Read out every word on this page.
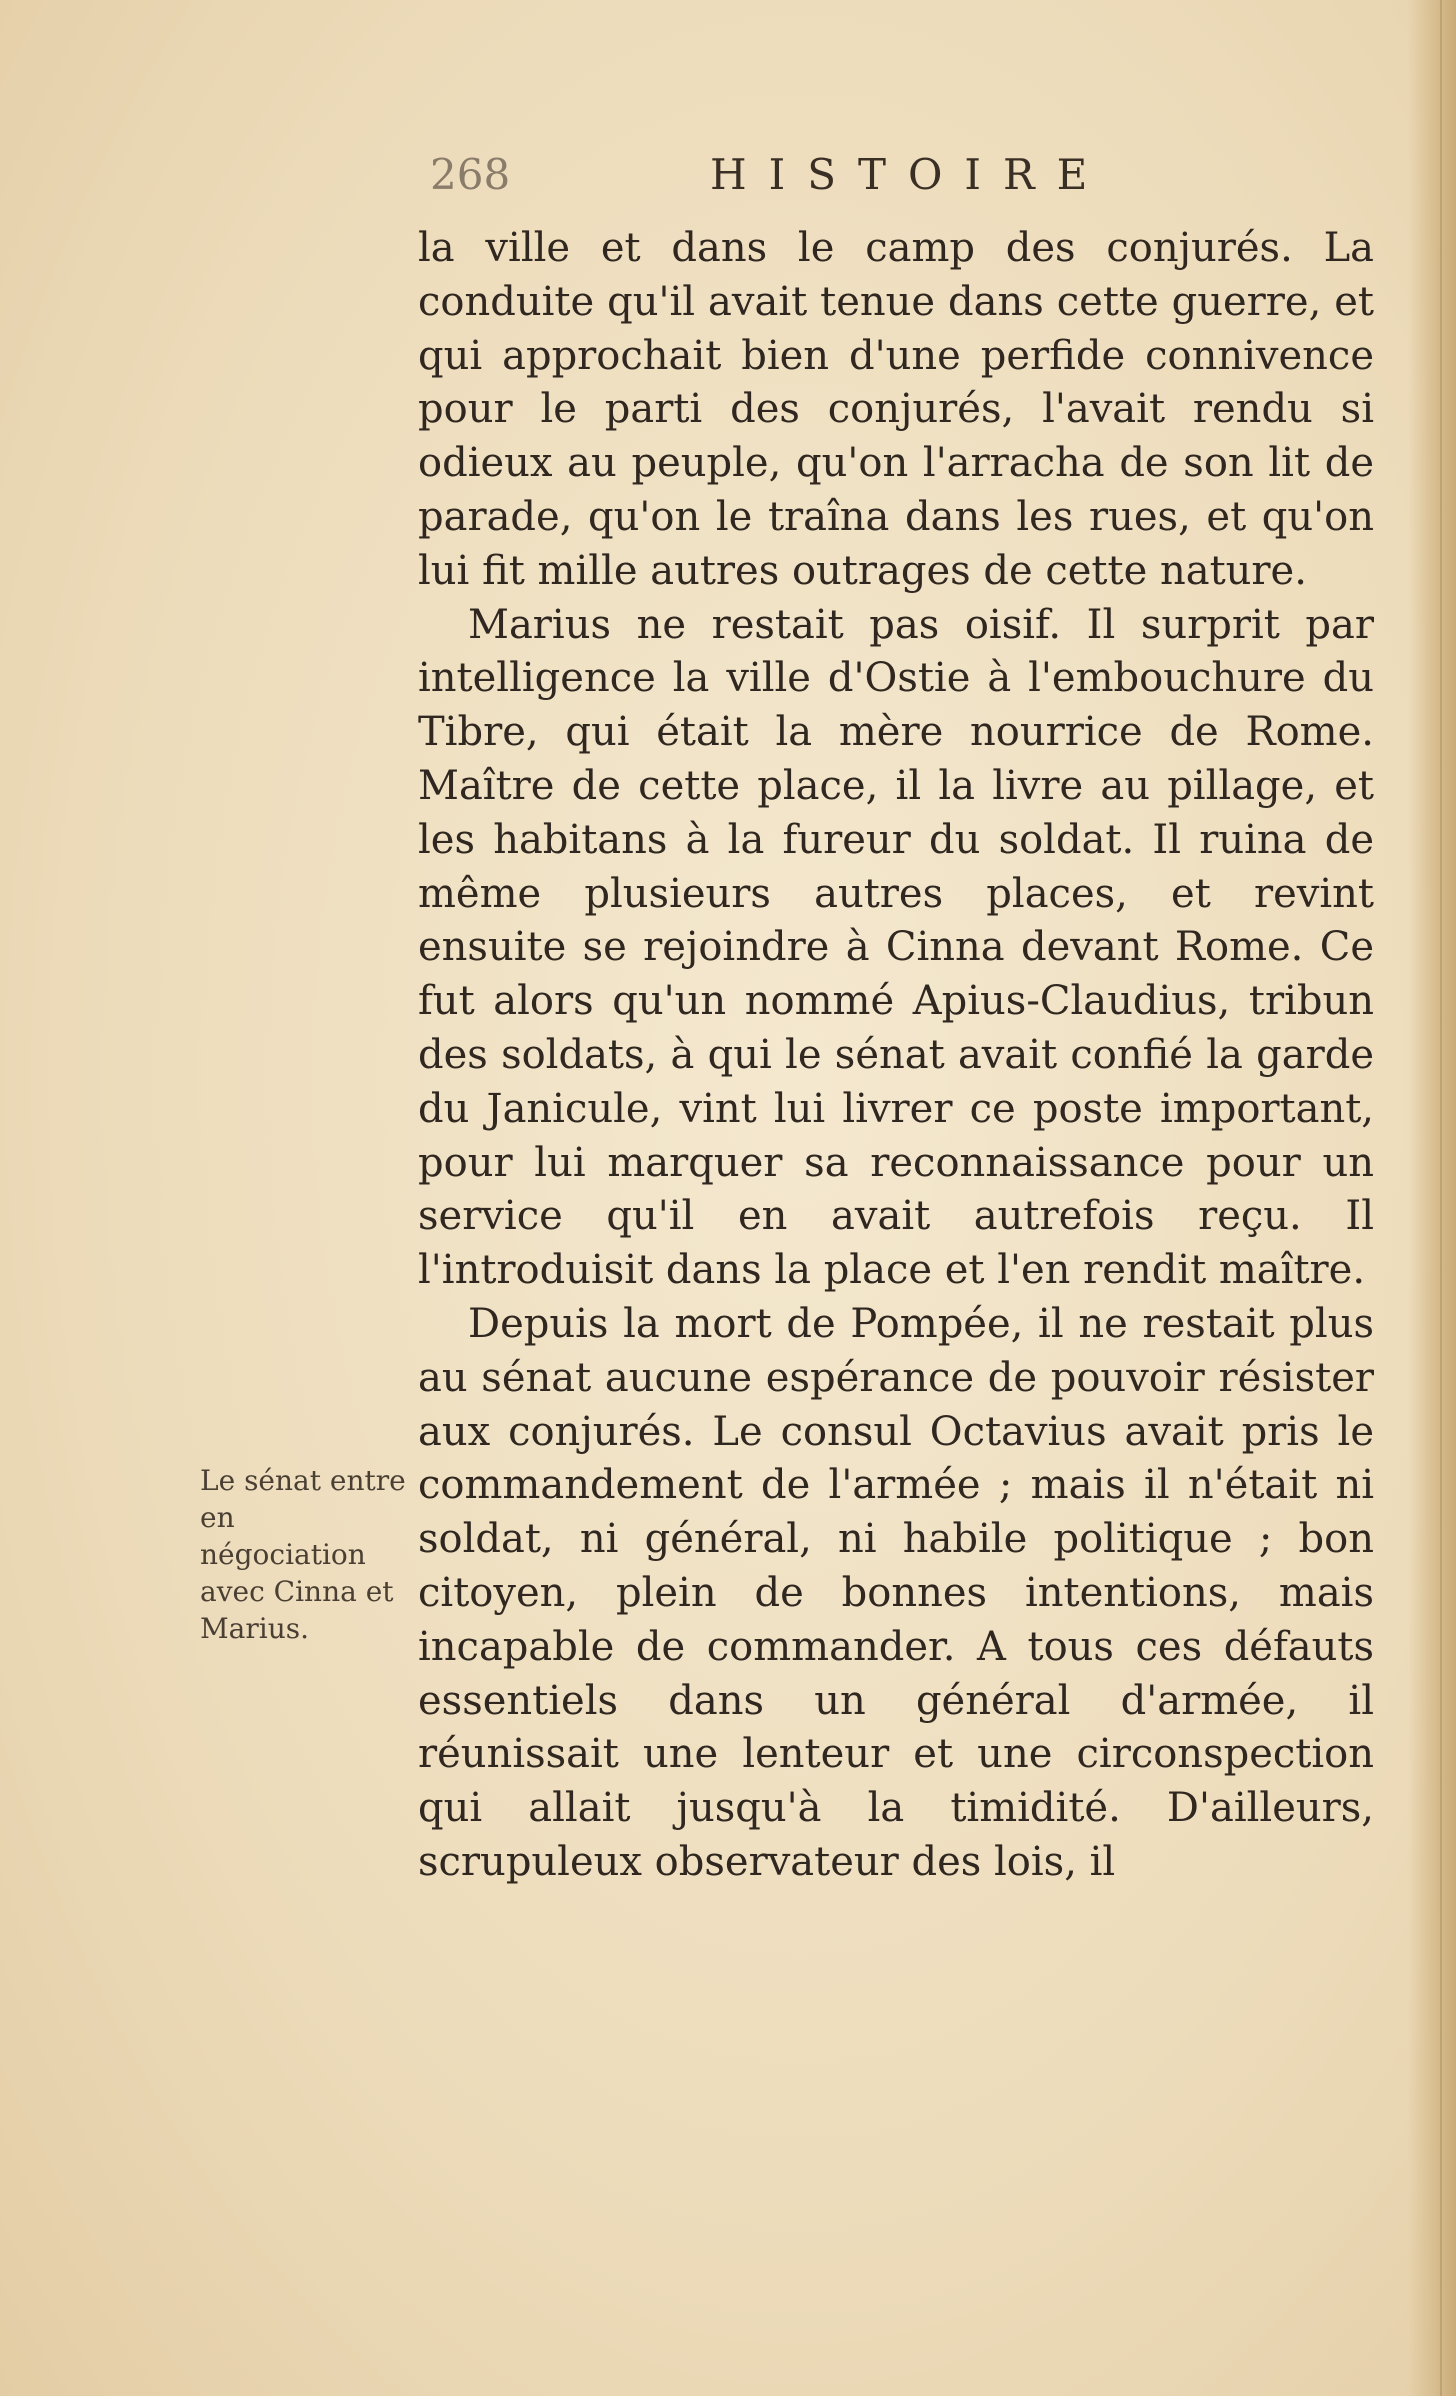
268	HISTOIRE
Le sénat entre en négociation avec Cinna et Marius.

la ville et dans le camp des conjurés. La conduite qu'il avait tenue dans cette guerre, et qui approchait bien d'une perfide connivence pour le parti des conjurés, l'avait rendu si odieux au peuple, qu'on l'arracha de son lit de parade, qu'on le traîna dans les rues, et qu'on lui fit mille autres outrages de cette nature.

Marius ne restait pas oisif. Il surprit par intelligence la ville d'Ostie à l'embouchure du Tibre, qui était la mère nourrice de Rome. Maître de cette place, il la livre au pillage, et les habitans à la fureur du soldat. Il ruina de même plusieurs autres places, et revint ensuite se rejoindre à Cinna devant Rome. Ce fut alors qu'un nommé Apius-Claudius, tribun des soldats, à qui le sénat avait confié la garde du Janicule, vint lui livrer ce poste important, pour lui marquer sa reconnaissance pour un service qu'il en avait autrefois reçu. Il l'introduisit dans la place et l'en rendit maître.

Depuis la mort de Pompée, il ne restait plus au sénat aucune espérance de pouvoir résister aux conjurés. Le consul Octavius avait pris le commandement de l'armée ; mais il n'était ni soldat, ni général, ni habile politique ; bon citoyen, plein de bonnes intentions, mais incapable de commander. A tous ces défauts essentiels dans un général d'armée, il réunissait une lenteur et une circonspection qui allait jusqu'à la timidité. D'ailleurs, scrupuleux observateur des lois, il
